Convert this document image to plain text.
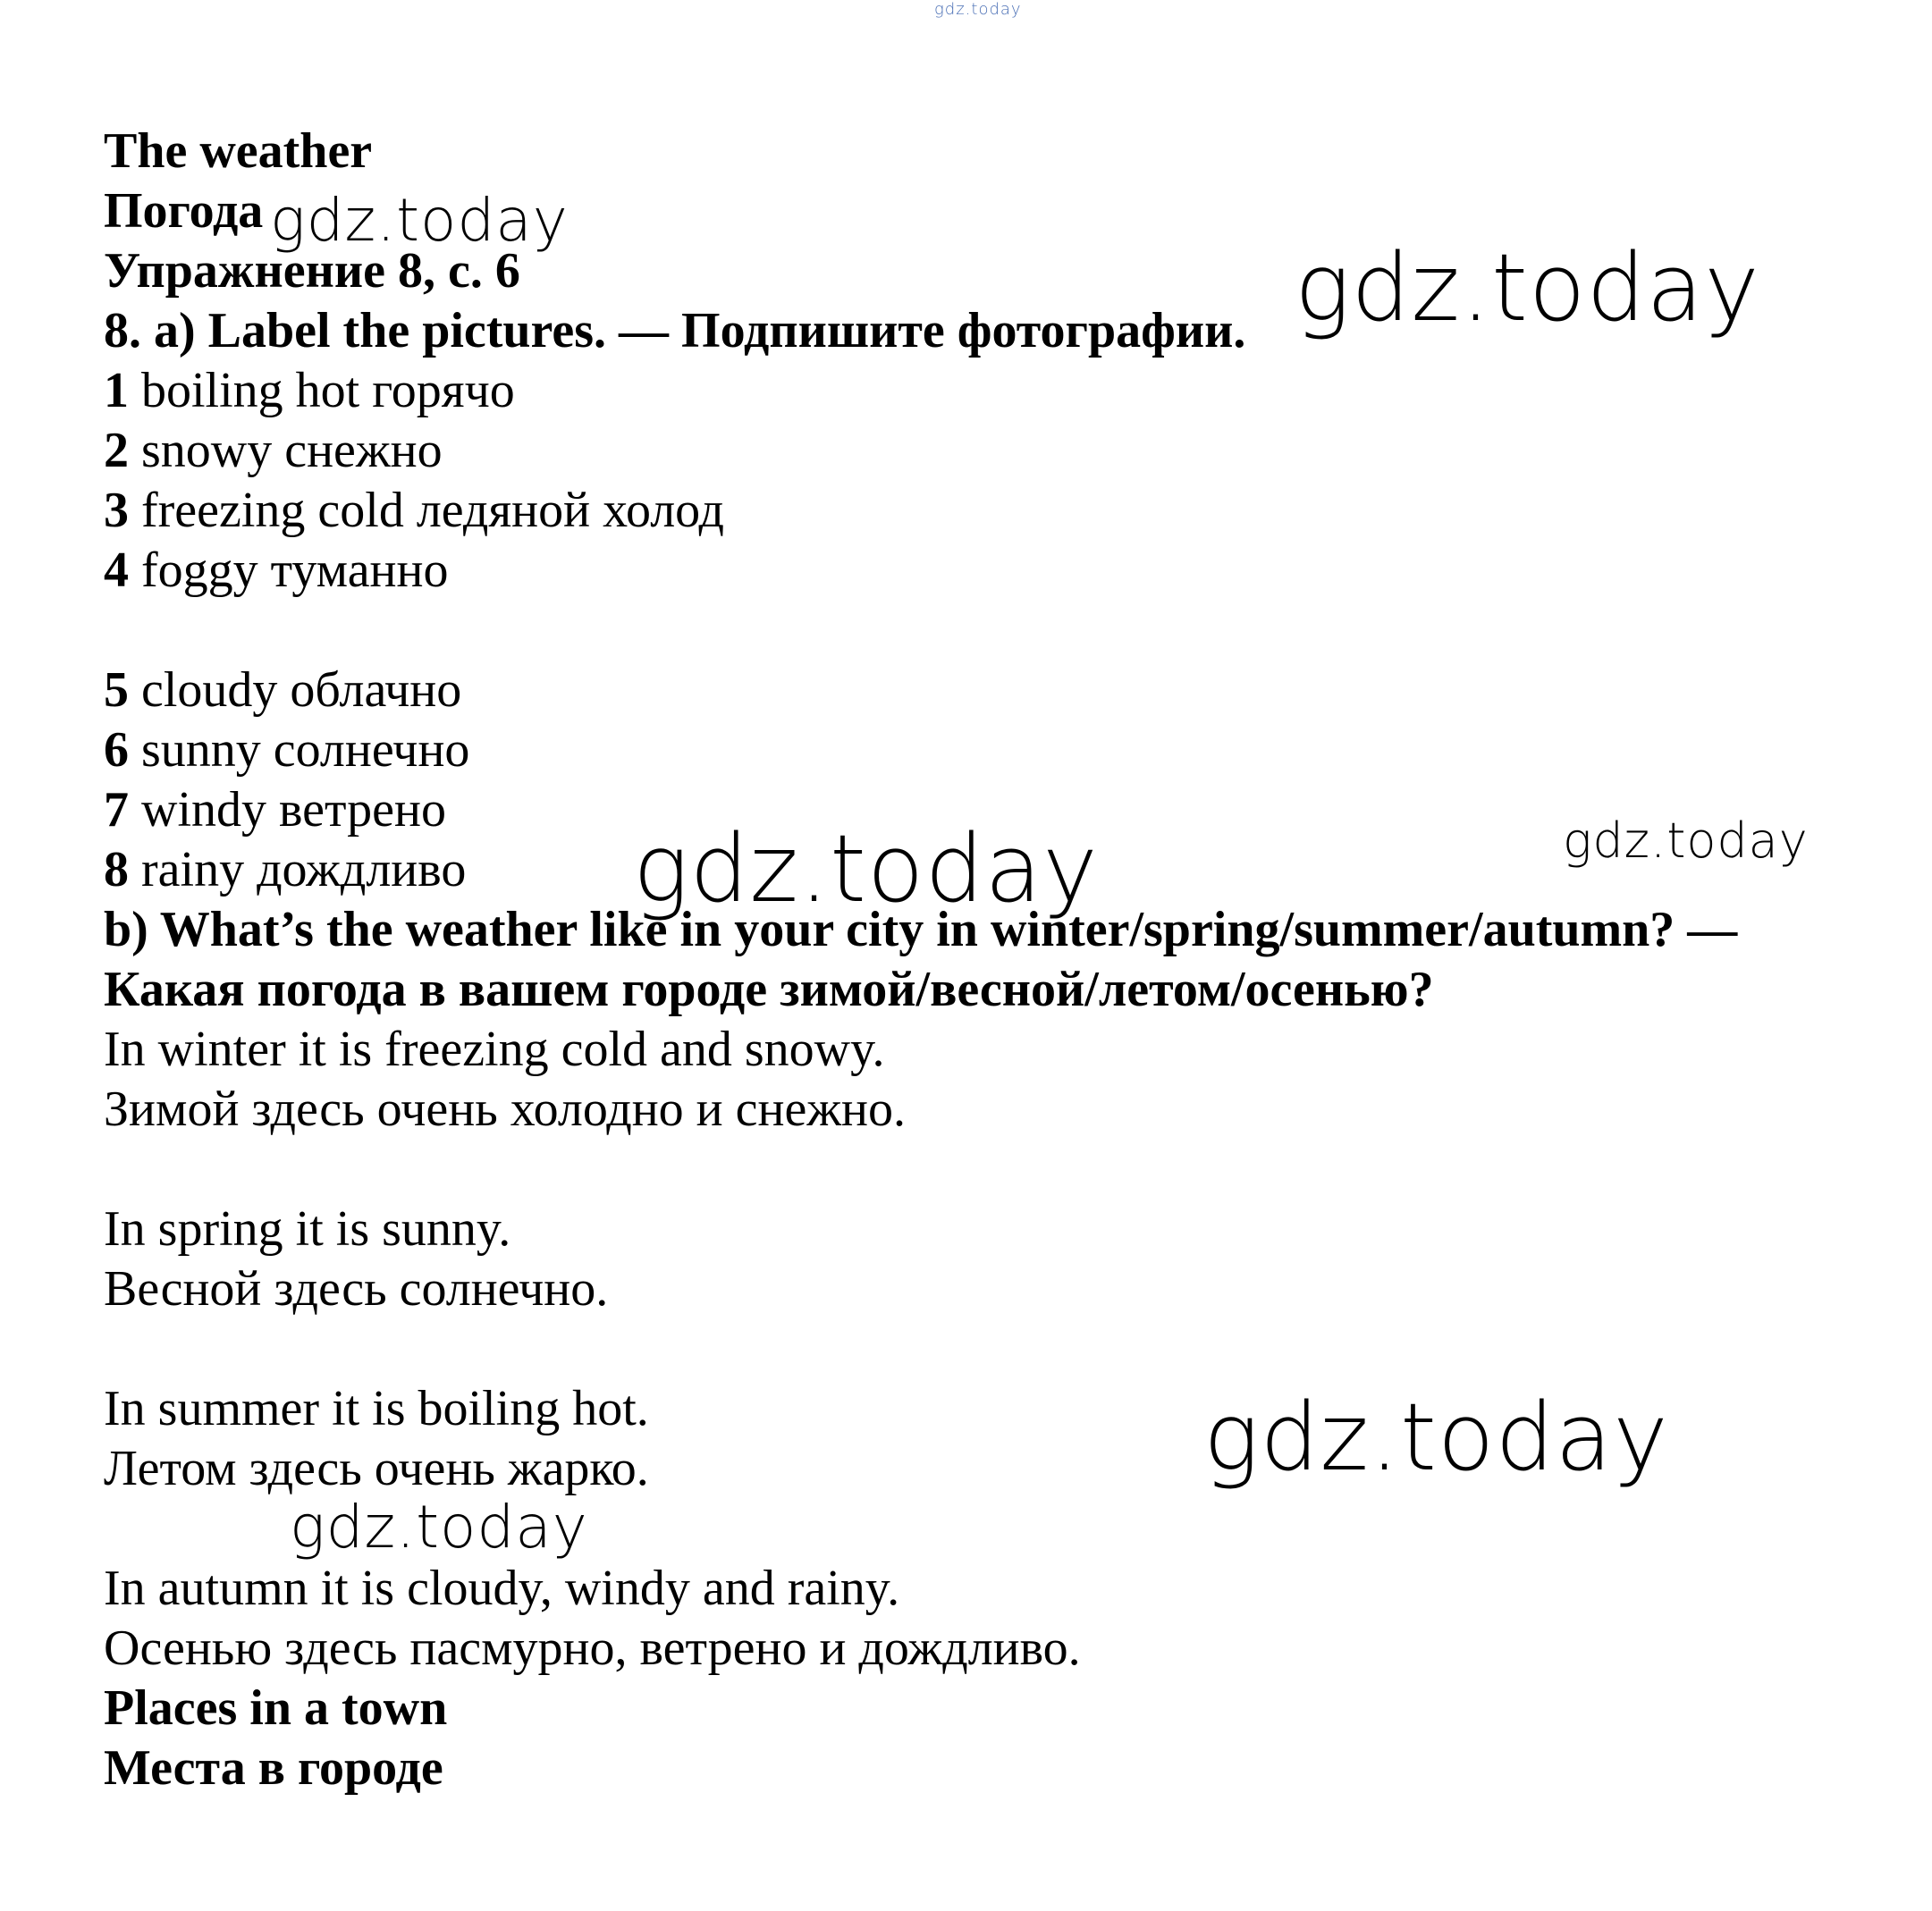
gdz.today

The weather

Погода

Упражнение 8, с. 6

8. a) Label the pictures. — Подпишите фотографии.

1 boiling hot горячо

2 snowy снежно

3 freezing cold ледяной холод

4 foggy туманно

5 cloudy облачно

6 sunny солнечно

7 windy ветрено

8 rainy дождливо

b) What’s the weather like in your city in winter/spring/summer/autumn? —

Какая погода в вашем городе зимой/весной/летом/осенью?

In winter it is freezing cold and snowy.

Зимой здесь очень холодно и снежно.

In spring it is sunny.

Весной здесь солнечно.

In summer it is boiling hot.

Летом здесь очень жарко.

In autumn it is cloudy, windy and rainy.

Осенью здесь пасмурно, ветрено и дождливо.

Places in a town

Места в городе

gdz.today
gdz.today
gdz.today	gdz.today
gdz.today
gdz.today
